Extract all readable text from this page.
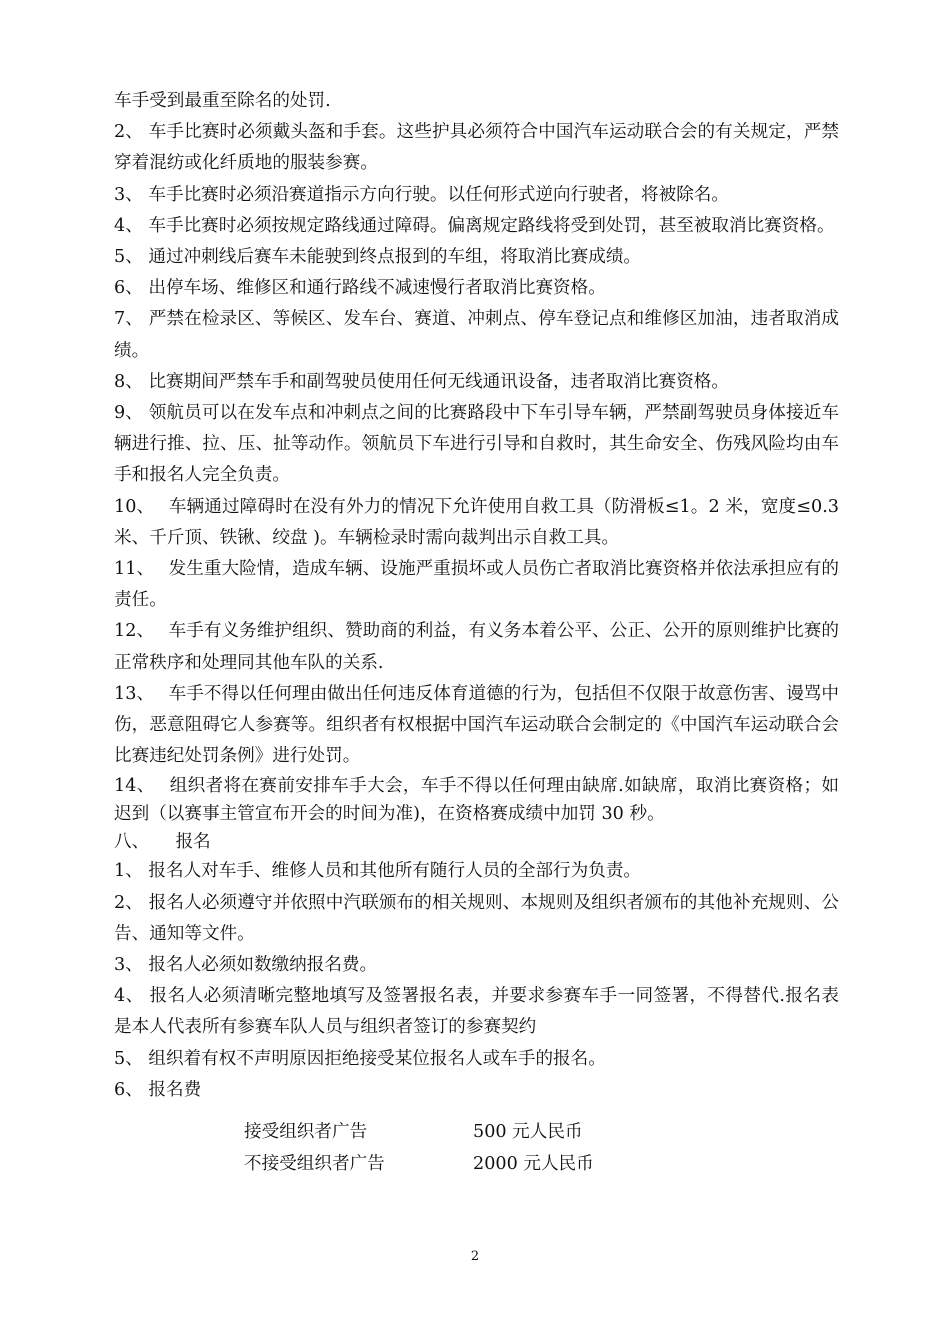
车手受到最重至除名的处罚.

2、 车手比赛时必须戴头盔和手套。这些护具必须符合中国汽车运动联合会的有关规定，严禁穿着混纺或化纤质地的服装参赛。

3、 车手比赛时必须沿赛道指示方向行驶。以任何形式逆向行驶者，将被除名。

4、 车手比赛时必须按规定路线通过障碍。偏离规定路线将受到处罚，甚至被取消比赛资格。

5、 通过冲刺线后赛车未能驶到终点报到的车组，将取消比赛成绩。

6、 出停车场、维修区和通行路线不减速慢行者取消比赛资格。

7、 严禁在检录区、等候区、发车台、赛道、冲刺点、停车登记点和维修区加油，违者取消成绩。

8、 比赛期间严禁车手和副驾驶员使用任何无线通讯设备，违者取消比赛资格。

9、 领航员可以在发车点和冲刺点之间的比赛路段中下车引导车辆，严禁副驾驶员身体接近车辆进行推、拉、压、扯等动作。领航员下车进行引导和自救时，其生命安全、伤残风险均由车手和报名人完全负责。

10、　 车辆通过障碍时在没有外力的情况下允许使用自救工具（防滑板≤1。2 米，宽度≤0.3 米、千斤顶、铁锹、绞盘 )。车辆检录时需向裁判出示自救工具。

11、　 发生重大险情，造成车辆、设施严重损坏或人员伤亡者取消比赛资格并依法承担应有的责任。

12、　 车手有义务维护组织、赞助商的利益，有义务本着公平、公正、公开的原则维护比赛的正常秩序和处理同其他车队的关系.

13、　 车手不得以任何理由做出任何违反体育道德的行为，包括但不仅限于故意伤害、谩骂中伤，恶意阻碍它人参赛等。组织者有权根据中国汽车运动联合会制定的《中国汽车运动联合会比赛违纪处罚条例》进行处罚。

14、　 组织者将在赛前安排车手大会，车手不得以任何理由缺席.如缺席，取消比赛资格；如迟到（以赛事主管宣布开会的时间为准)，在资格赛成绩中加罚 30 秒。

八、　　报名

1、 报名人对车手、维修人员和其他所有随行人员的全部行为负责。

2、 报名人必须遵守并依照中汽联颁布的相关规则、本规则及组织者颁布的其他补充规则、公告、通知等文件。

3、 报名人必须如数缴纳报名费。

4、 报名人必须清晰完整地填写及签署报名表，并要求参赛车手一同签署，不得替代.报名表是本人代表所有参赛车队人员与组织者签订的参赛契约

5、 组织着有权不声明原因拒绝接受某位报名人或车手的报名。

6、 报名费

接受组织者广告	500 元人民币
不接受组织者广告	2000 元人民币
2
